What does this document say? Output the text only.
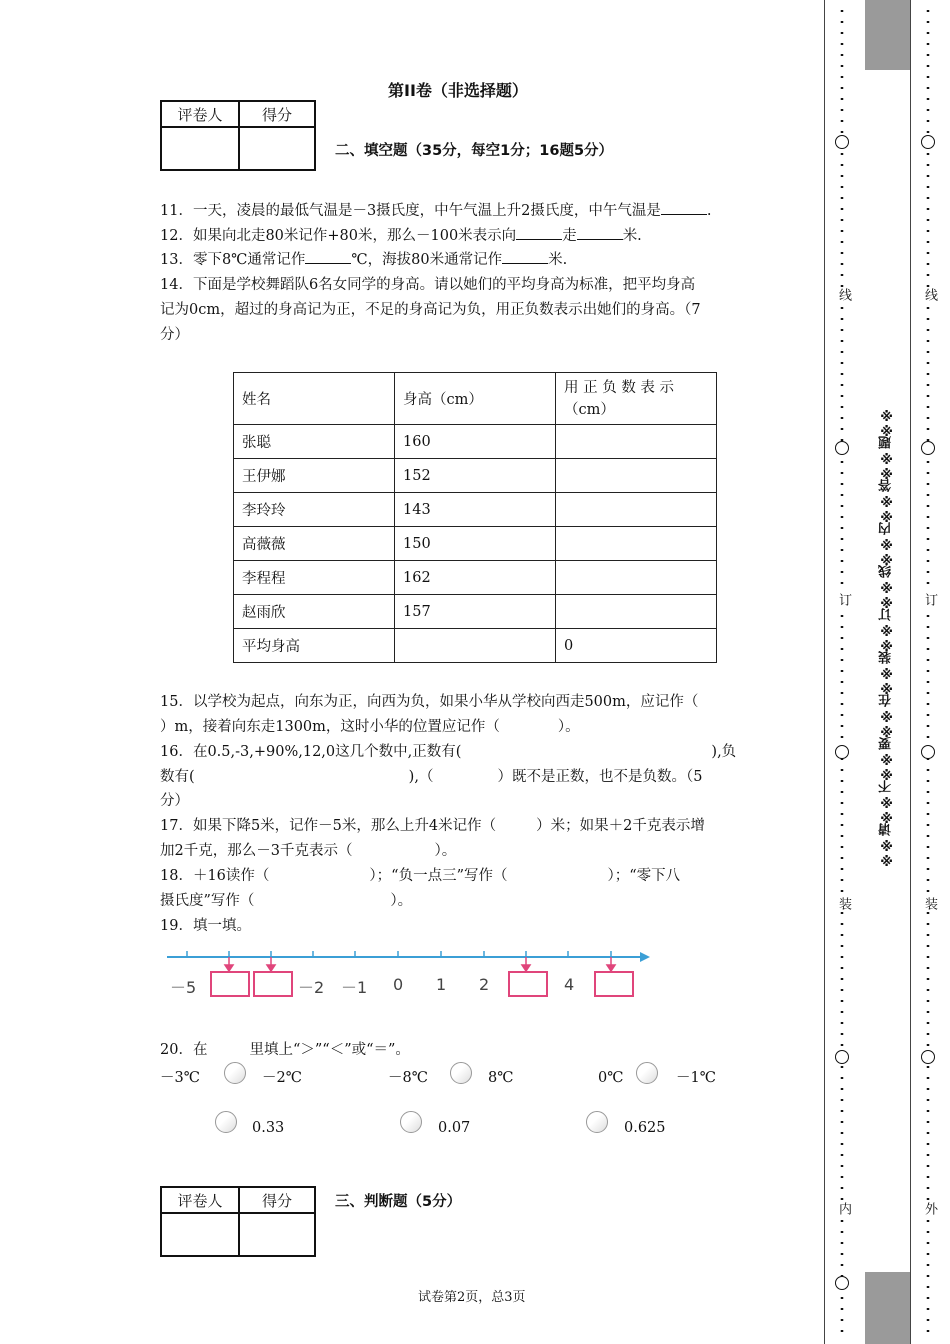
第II卷（非选择题）
评卷人	得分

二、填空题（35分，每空1分；16题5分）
11．一天，凌晨的最低气温是－3摄氏度，中午气温上升2摄氏度，中午气温是	.
12．如果向北走80米记作+80米，那么－100米表示向	走	米.
13．零下8℃通常记作	℃，海拔80米通常记作	米.
14．下面是学校舞蹈队6名女同学的身高。请以她们的平均身高为标准，把平均身高
记为0cm，超过的身高记为正，不足的身高记为负，用正负数表示出她们的身高。（7
分）
姓名	身高（cm）	用 正 负 数 表 示
（cm）

张聪	160	
王伊娜	152	
李玲玲	143	
高薇薇	150	
李程程	162	
赵雨欣	157	
平均身高		0
15．以学校为起点，向东为正，向西为负，如果小华从学校向西走500m，应记作（
）m，接着向东走1300m，这时小华的位置应记作（　　　　）。
16．在0.5,-3,+90%,12,0这几个数中,正数有(	),负
数有(	),（	）既不是正数，也不是负数。（5
分）
17．如果下降5米，记作－5米，那么上升4米记作（	）米；如果＋2千克表示增
加2千克，那么－3千克表示（	）。
18．＋16读作（	）；“负一点三”写作（	）；“零下八
摄氏度”写作（	）。
19．填一填。
－5	－2 －1 0 1 2	4
20．在	里填上“＞”“＜”或“＝”。
－3℃	－2℃	－8℃	8℃	0℃	－1℃
0.33	0.07	0.625
评卷人	得分
		三、判断题（5分）
试卷第2页，总3页
线
订
装
内
线
订
装
外
※※请※※不※※要※※在※※装※※订※※线※※内※※答※※题※※
